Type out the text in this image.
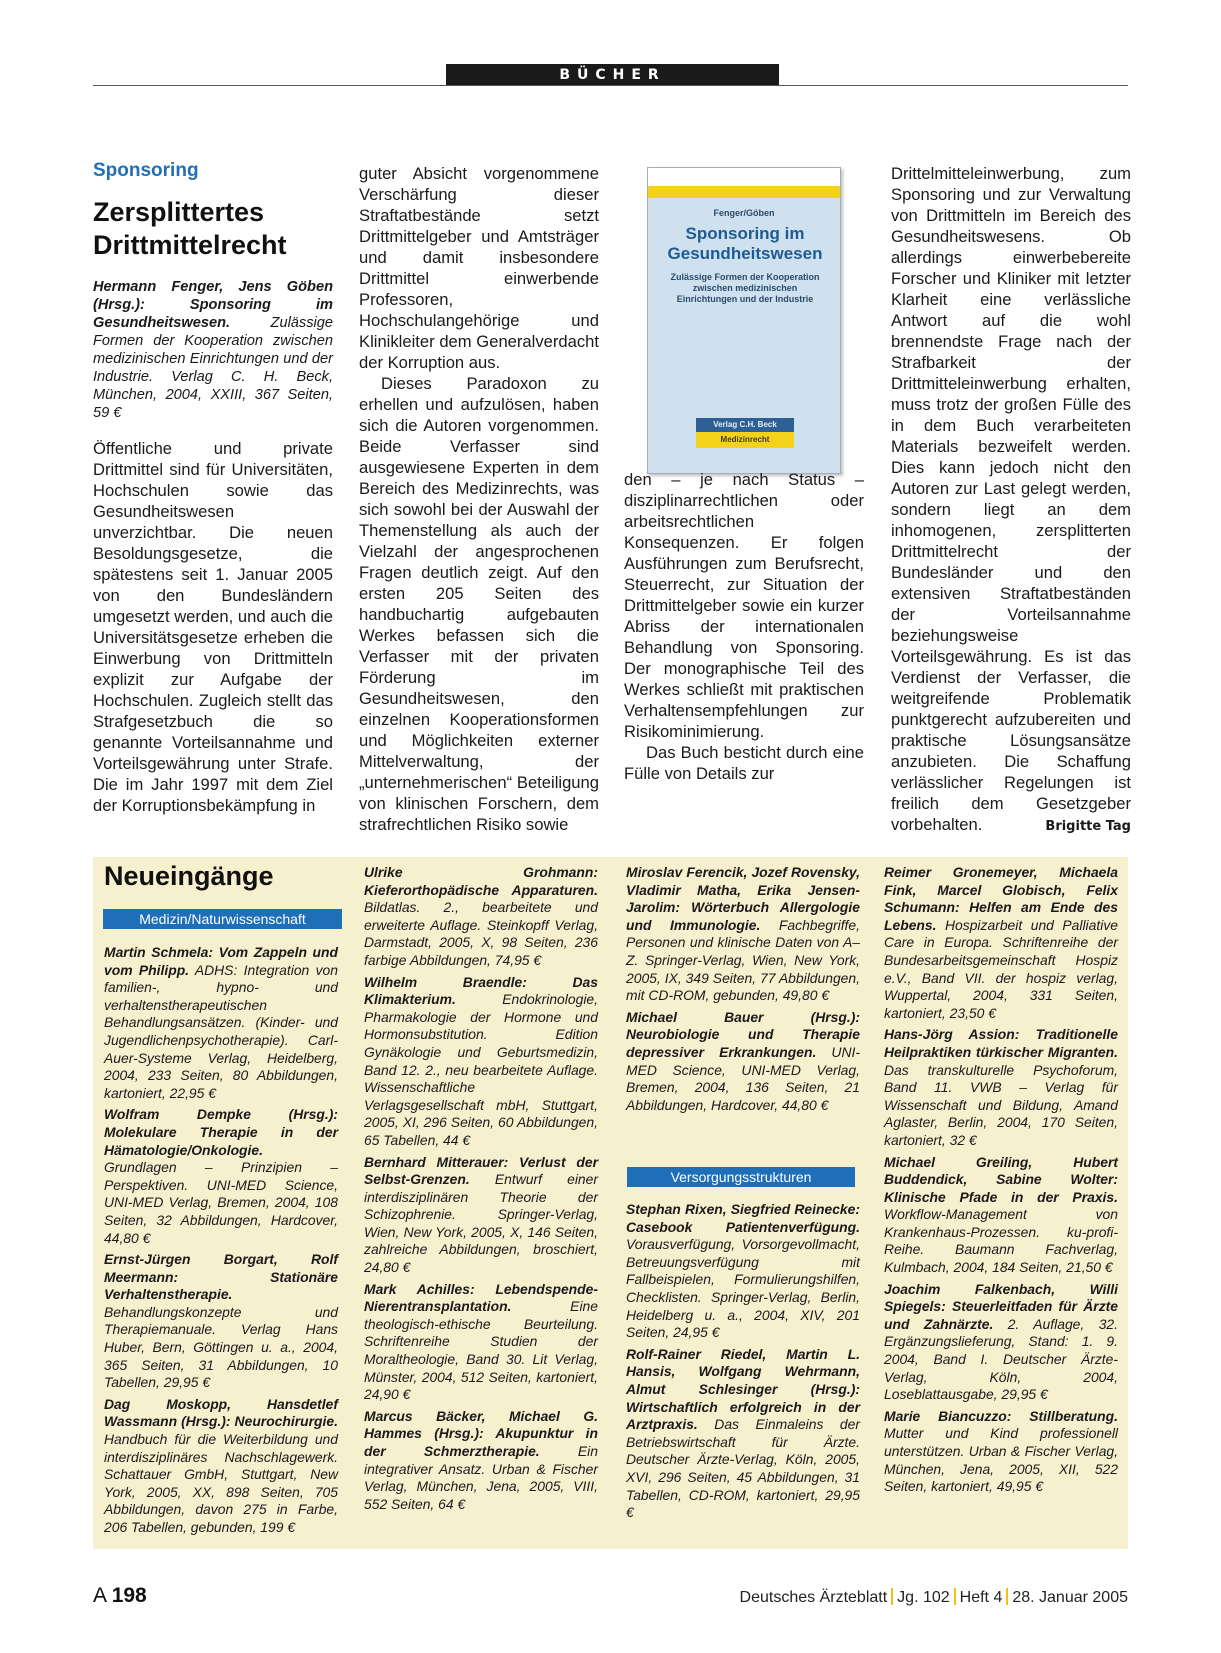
BÜCHER
Sponsoring
Zersplittertes Drittmittelrecht
Hermann Fenger, Jens Göben (Hrsg.): Sponsoring im Gesundheitswesen. Zulässige Formen der Kooperation zwischen medizinischen Einrichtungen und der Industrie. Verlag C. H. Beck, München, 2004, XXIII, 367 Seiten, 59 €
Öffentliche und private Drittmittel sind für Universitäten, Hochschulen sowie das Gesundheitswesen unverzichtbar. Die neuen Besoldungsgesetze, die spätestens seit 1. Januar 2005 von den Bundesländern umgesetzt werden, und auch die Universitätsgesetze erheben die Einwerbung von Drittmitteln explizit zur Aufgabe der Hochschulen. Zugleich stellt das Strafgesetzbuch die so genannte Vorteilsannahme und Vorteilsgewährung unter Strafe. Die im Jahr 1997 mit dem Ziel der Korruptionsbekämpfung in
guter Absicht vorgenommene Verschärfung dieser Straftatbestände setzt Drittmittelgeber und Amtsträger und damit insbesondere Drittmittel einwerbende Professoren, Hochschulangehörige und Klinikleiter dem Generalverdacht der Korruption aus.
Dieses Paradoxon zu erhellen und aufzulösen, haben sich die Autoren vorgenommen. Beide Verfasser sind ausgewiesene Experten in dem Bereich des Medizinrechts, was sich sowohl bei der Auswahl der Themenstellung als auch der Vielzahl der angesprochenen Fragen deutlich zeigt. Auf den ersten 205 Seiten des handbuchartig aufgebauten Werkes befassen sich die Verfasser mit der privaten Förderung im Gesundheitswesen, den einzelnen Kooperationsformen und Möglichkeiten externer Mittelverwaltung, der „unternehmerischen“ Beteiligung von klinischen Forschern, dem strafrechtlichen Risiko sowie
Fenger/Göben
Sponsoring im Gesundheitswesen
Zulässige Formen der Kooperation zwischen medizinischen Einrichtungen und der Industrie
Verlag C.H. Beck
Medizinrecht
den – je nach Status – disziplinarrechtlichen oder arbeitsrechtlichen Konsequenzen. Er folgen Ausführungen zum Berufsrecht, Steuerrecht, zur Situation der Drittmittelgeber sowie ein kurzer Abriss der internationalen Behandlung von Sponsoring. Der monographische Teil des Werkes schließt mit praktischen Verhaltensempfehlungen zur Risikominimierung.
Das Buch besticht durch eine Fülle von Details zur
Drittelmitteleinwerbung, zum Sponsoring und zur Verwaltung von Drittmitteln im Bereich des Gesundheitswesens. Ob allerdings einwerbebereite Forscher und Kliniker mit letzter Klarheit eine verlässliche Antwort auf die wohl brennendste Frage nach der Strafbarkeit der Drittmitteleinwerbung erhalten, muss trotz der großen Fülle des in dem Buch verarbeiteten Materials bezweifelt werden. Dies kann jedoch nicht den Autoren zur Last gelegt werden, sondern liegt an dem inhomogenen, zersplitterten Drittmittelrecht der Bundesländer und den extensiven Straftatbeständen der Vorteilsannahme beziehungsweise Vorteilsgewährung. Es ist das Verdienst der Verfasser, die weitgreifende Problematik punktgerecht aufzubereiten und praktische Lösungsansätze anzubieten. Die Schaffung verlässlicher Regelungen ist freilich dem Gesetzgeber vorbehalten.	Brigitte Tag
Neueingänge
Medizin/Naturwissenschaft
Versorgungsstrukturen

Martin Schmela: Vom Zappeln und vom Philipp. ADHS: Integration von familien-, hypno- und verhaltenstherapeutischen Behandlungsansätzen. (Kinder- und Jugendlichenpsychotherapie). Carl-Auer-Systeme Verlag, Heidelberg, 2004, 233 Seiten, 80 Abbildungen, kartoniert, 22,95 €

Wolfram Dempke (Hrsg.): Molekulare Therapie in der Hämatologie/Onkologie. Grundlagen – Prinzipien – Perspektiven. UNI-MED Science, UNI-MED Verlag, Bremen, 2004, 108 Seiten, 32 Abbildungen, Hardcover, 44,80 €

Ernst-Jürgen Borgart, Rolf Meermann: Stationäre Verhaltenstherapie. Behandlungskonzepte und Therapiemanuale. Verlag Hans Huber, Bern, Göttingen u. a., 2004, 365 Seiten, 31 Abbildungen, 10 Tabellen, 29,95 €

Dag Moskopp, Hansdetlef Wassmann (Hrsg.): Neurochirurgie. Handbuch für die Weiterbildung und interdisziplinäres Nachschlagewerk. Schattauer GmbH, Stuttgart, New York, 2005, XX, 898 Seiten, 705 Abbildungen, davon 275 in Farbe, 206 Tabellen, gebunden, 199 €

Ulrike Grohmann: Kieferorthopädische Apparaturen. Bildatlas. 2., bearbeitete und erweiterte Auflage. Steinkopff Verlag, Darmstadt, 2005, X, 98 Seiten, 236 farbige Abbildungen, 74,95 €

Wilhelm Braendle: Das Klimakterium. Endokrinologie, Pharmakologie der Hormone und Hormonsubstitution. Edition Gynäkologie und Geburtsmedizin, Band 12. 2., neu bearbeitete Auflage. Wissenschaftliche Verlagsgesellschaft mbH, Stuttgart, 2005, XI, 296 Seiten, 60 Abbildungen, 65 Tabellen, 44 €

Bernhard Mitterauer: Verlust der Selbst-Grenzen. Entwurf einer interdisziplinären Theorie der Schizophrenie. Springer-Verlag, Wien, New York, 2005, X, 146 Seiten, zahlreiche Abbildungen, broschiert, 24,80 €

Mark Achilles: Lebendspende-Nierentransplantation. Eine theologisch-ethische Beurteilung. Schriftenreihe Studien der Moraltheologie, Band 30. Lit Verlag, Münster, 2004, 512 Seiten, kartoniert, 24,90 €

Marcus Bäcker, Michael G. Hammes (Hrsg.): Akupunktur in der Schmerztherapie. Ein integrativer Ansatz. Urban & Fischer Verlag, München, Jena, 2005, VIII, 552 Seiten, 64 €

Miroslav Ferencik, Jozef Rovensky, Vladimir Matha, Erika Jensen-Jarolim: Wörterbuch Allergologie und Immunologie. Fachbegriffe, Personen und klinische Daten von A–Z. Springer-Verlag, Wien, New York, 2005, IX, 349 Seiten, 77 Abbildungen, mit CD-ROM, gebunden, 49,80 €

Michael Bauer (Hrsg.): Neurobiologie und Therapie depressiver Erkrankungen. UNI-MED Science, UNI-MED Verlag, Bremen, 2004, 136 Seiten, 21 Abbildungen, Hardcover, 44,80 €

Stephan Rixen, Siegfried Reinecke: Casebook Patientenverfügung. Vorausverfügung, Vorsorgevollmacht, Betreuungsverfügung mit Fallbeispielen, Formulierungshilfen, Checklisten. Springer-Verlag, Berlin, Heidelberg u. a., 2004, XIV, 201 Seiten, 24,95 €

Rolf-Rainer Riedel, Martin L. Hansis, Wolfgang Wehrmann, Almut Schlesinger (Hrsg.): Wirtschaftlich erfolgreich in der Arztpraxis. Das Einmaleins der Betriebswirtschaft für Ärzte. Deutscher Ärzte-Verlag, Köln, 2005, XVI, 296 Seiten, 45 Abbildungen, 31 Tabellen, CD-ROM, kartoniert, 29,95 €

Reimer Gronemeyer, Michaela Fink, Marcel Globisch, Felix Schumann: Helfen am Ende des Lebens. Hospizarbeit und Palliative Care in Europa. Schriftenreihe der Bundesarbeitsgemeinschaft Hospiz e.V., Band VII. der hospiz verlag, Wuppertal, 2004, 331 Seiten, kartoniert, 23,50 €

Hans-Jörg Assion: Traditionelle Heilpraktiken türkischer Migranten. Das transkulturelle Psychoforum, Band 11. VWB – Verlag für Wissenschaft und Bildung, Amand Aglaster, Berlin, 2004, 170 Seiten, kartoniert, 32 €

Michael Greiling, Hubert Buddendick, Sabine Wolter: Klinische Pfade in der Praxis. Workflow-Management von Krankenhaus-Prozessen. ku-profi-Reihe. Baumann Fachverlag, Kulmbach, 2004, 184 Seiten, 21,50 €

Joachim Falkenbach, Willi Spiegels: Steuerleitfaden für Ärzte und Zahnärzte. 2. Auflage, 32. Ergänzungslieferung, Stand: 1. 9. 2004, Band I. Deutscher Ärzte-Verlag, Köln, 2004, Loseblattausgabe, 29,95 €

Marie Biancuzzo: Stillberatung. Mutter und Kind professionell unterstützen. Urban & Fischer Verlag, München, Jena, 2005, XII, 522 Seiten, kartoniert, 49,95 €

A 198	Deutsches Ärzteblatt Jg. 102 Heft 4 28. Januar 2005
